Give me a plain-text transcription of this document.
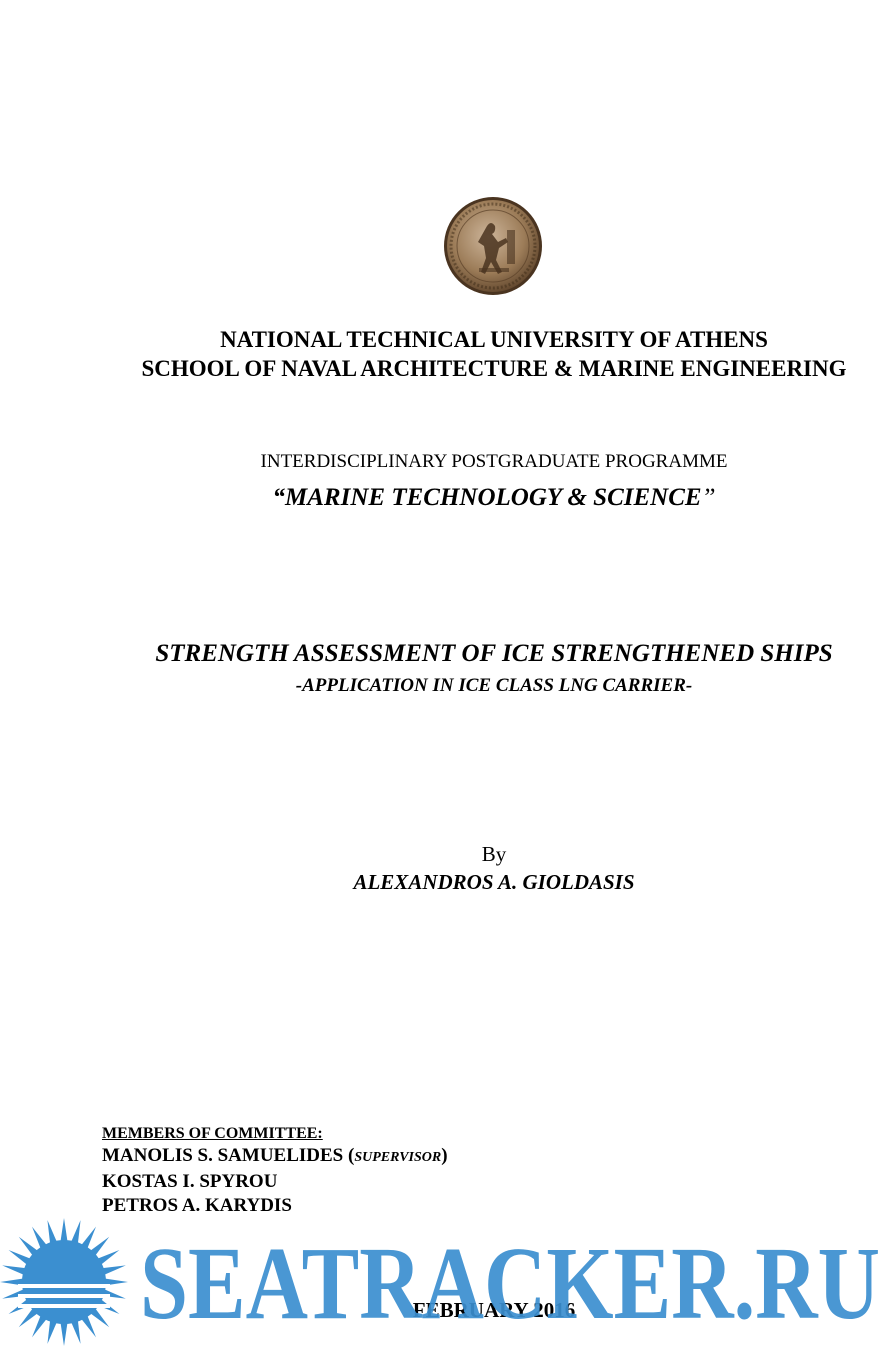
NATIONAL TECHNICAL UNIVERSITY OF ATHENS
SCHOOL OF NAVAL ARCHITECTURE & MARINE ENGINEERING
INTERDISCIPLINARY POSTGRADUATE PROGRAMME
“MARINE TECHNOLOGY & SCIENCE”
STRENGTH ASSESSMENT OF ICE STRENGTHENED SHIPS
-APPLICATION IN ICE CLASS LNG CARRIER-
By
ALEXANDROS A. GIOLDASIS
MEMBERS OF COMMITTEE:
MANOLIS S. SAMUELIDES (SUPERVISOR)
KOSTAS I. SPYROU
PETROS A. KARYDIS
FEBRUARY 2016
SEATRACKER.RU
